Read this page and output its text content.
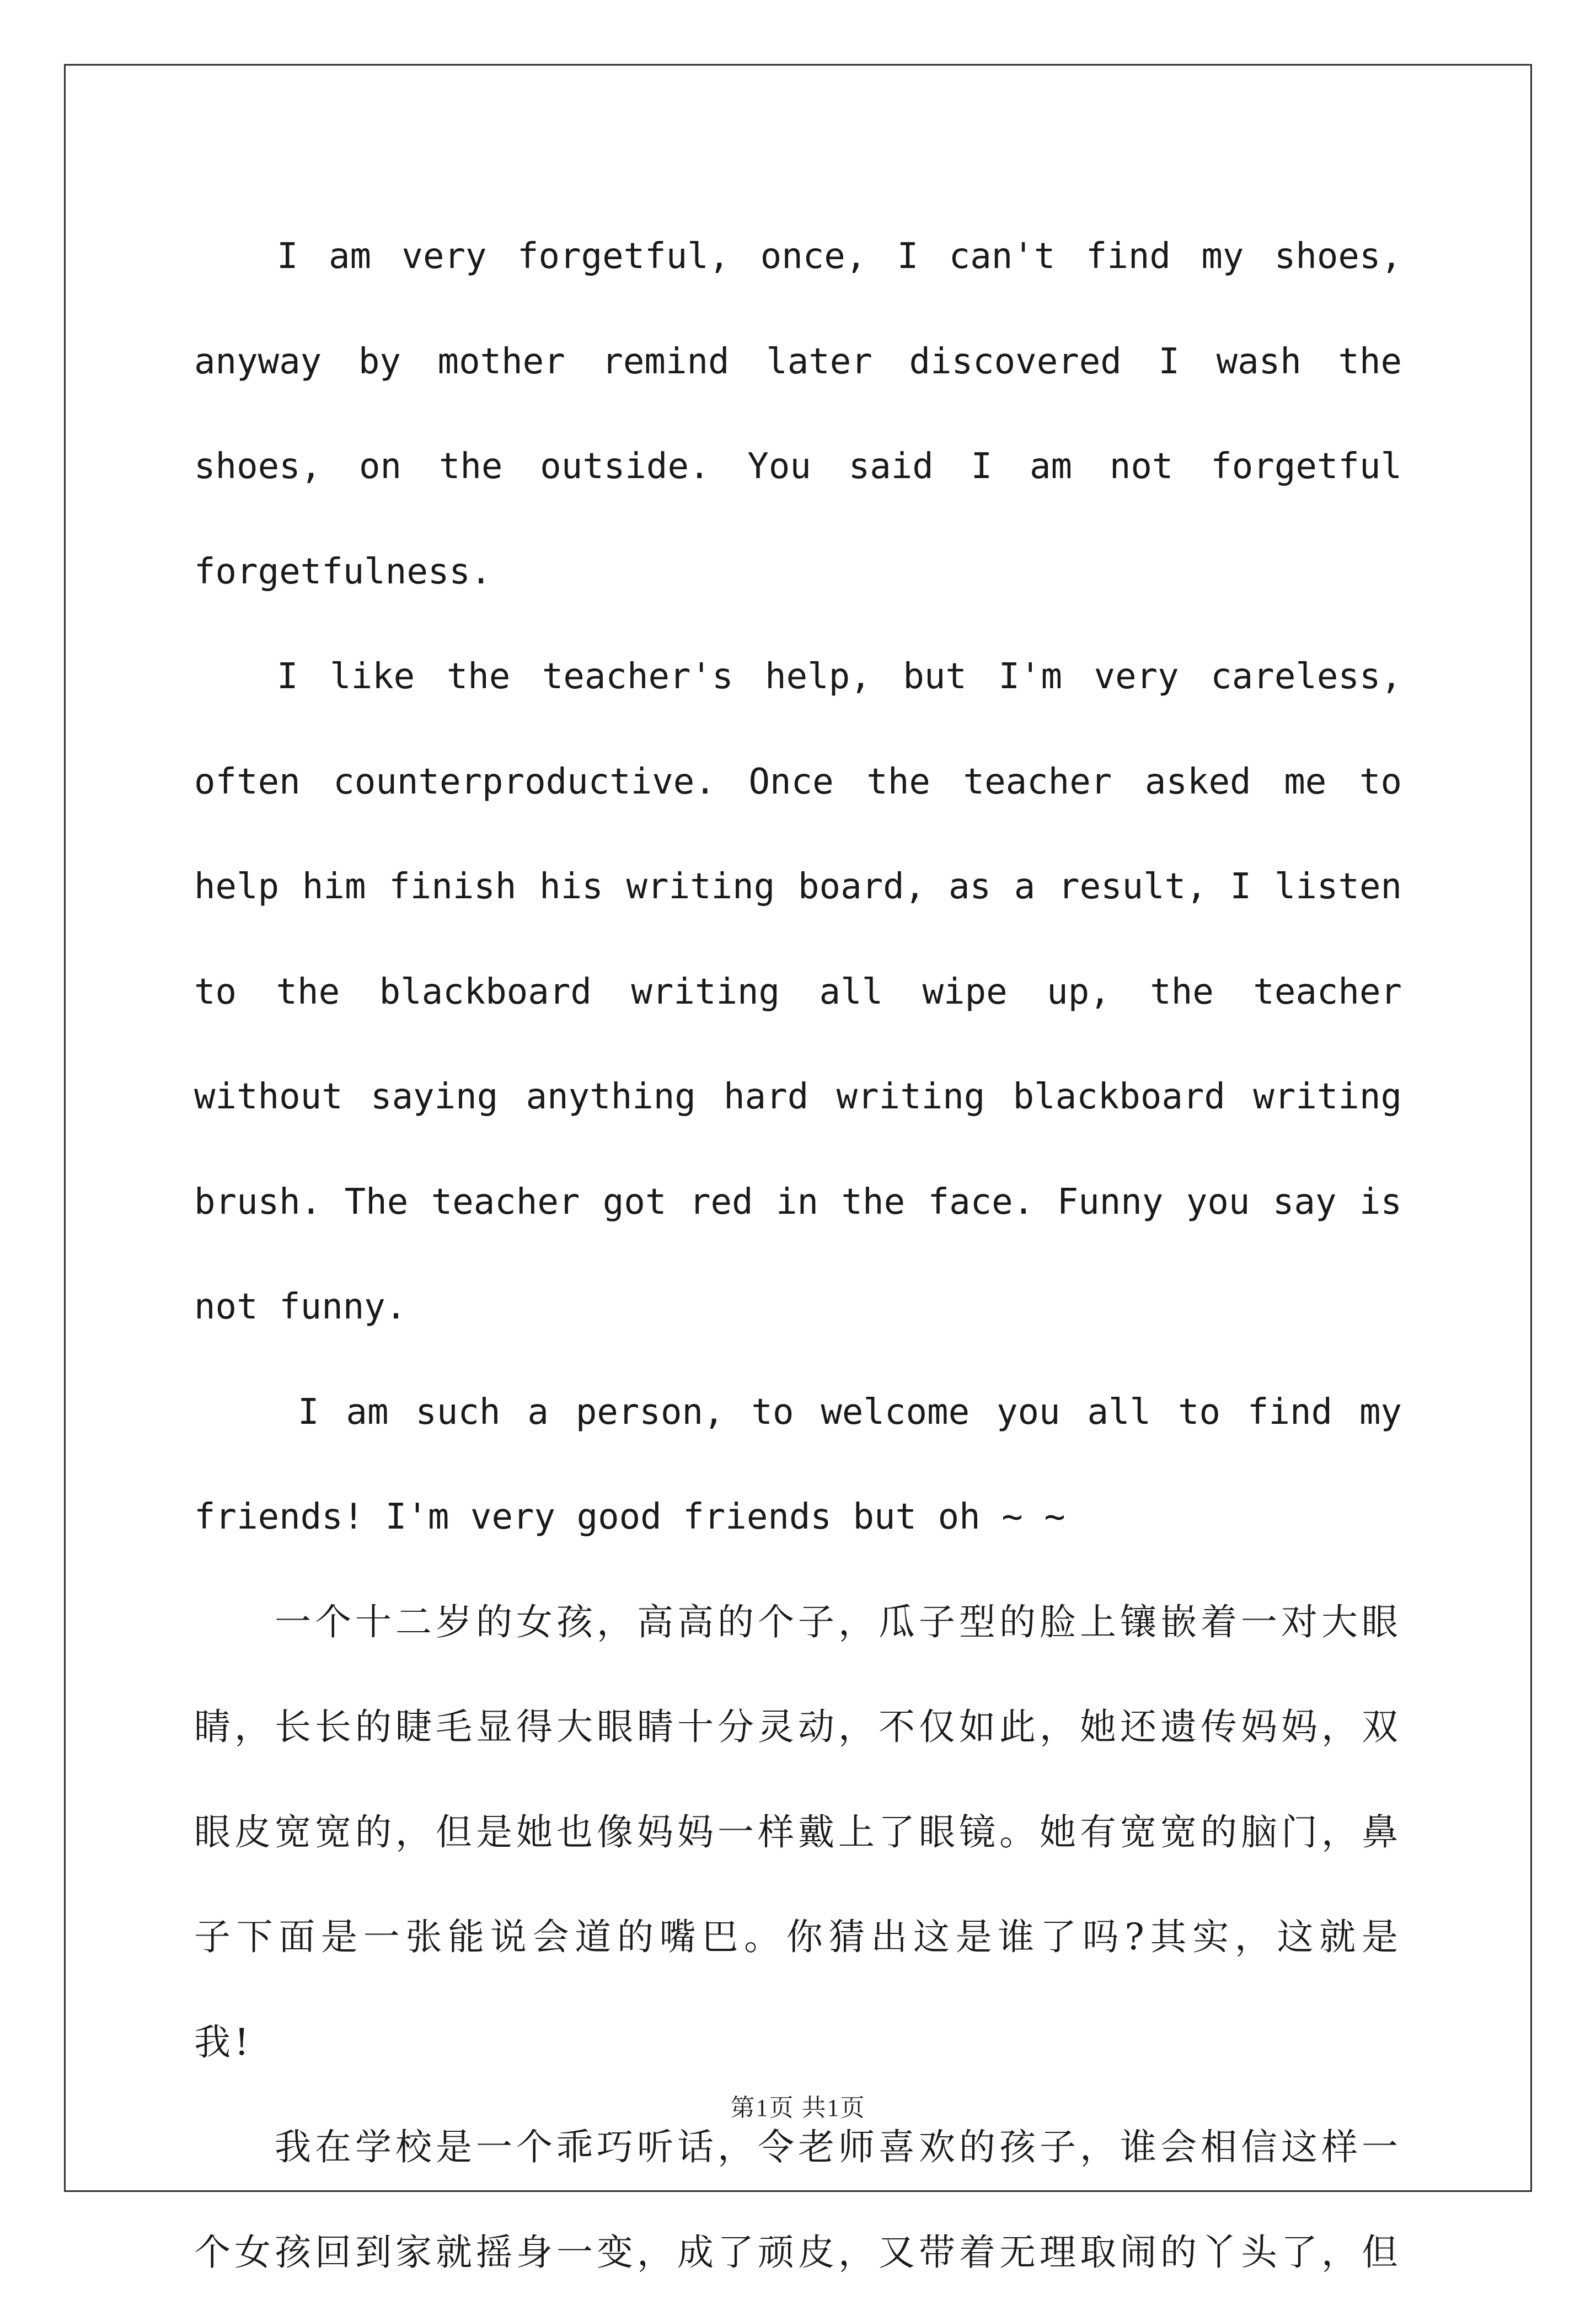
I am very forgetful, once, I can't find my shoes, anyway by mother remind later discovered I wash the shoes, on the outside. You said I am not forgetful forgetfulness.

I like the teacher's help, but I'm very careless, often counterproductive. Once the teacher asked me to help him finish his writing board, as a result, I listen to the blackboard writing all wipe up, the teacher without saying anything hard writing blackboard writing brush. The teacher got red in the face. Funny you say is not funny.

I am such a person, to welcome you all to find my friends! I'm very good friends but oh ~ ~

一个十二岁的女孩，高高的个子，瓜子型的脸上镶嵌着一对大眼睛，长长的睫毛显得大眼睛十分灵动，不仅如此，她还遗传妈妈，双眼皮宽宽的，但是她也像妈妈一样戴上了眼镜。她有宽宽的脑门，鼻子下面是一张能说会道的嘴巴。你猜出这是谁了吗?其实，这就是我!

我在学校是一个乖巧听话，令老师喜欢的孩子，谁会相信这样一个女孩回到家就摇身一变，成了顽皮，又带着无理取闹的丫头了，但

第1页 共1页
